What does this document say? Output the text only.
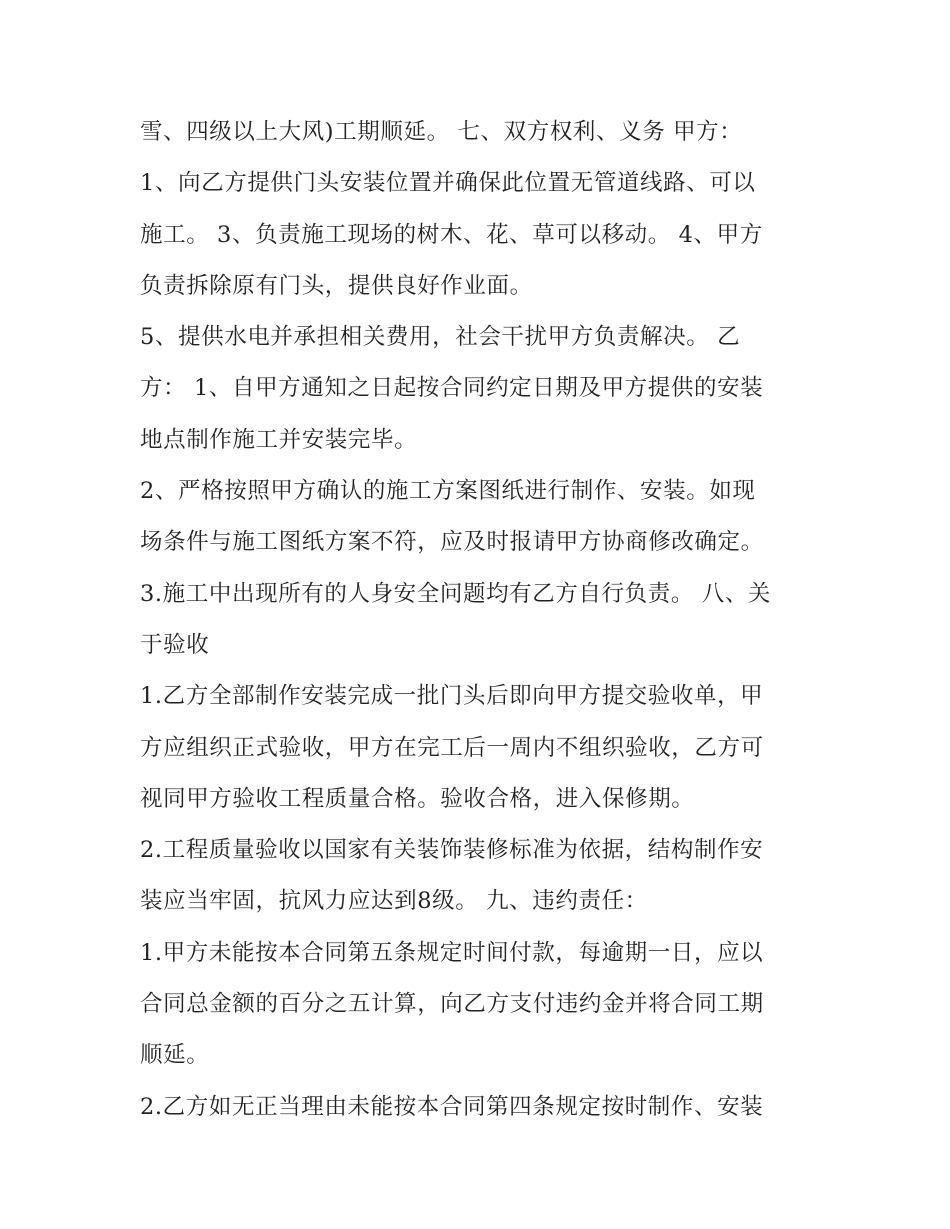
雪、四级以上大风)工期顺延。 七、双方权利、义务 甲方：
1、向乙方提供门头安装位置并确保此位置无管道线路、可以
施工。 3、负责施工现场的树木、花、草可以移动。 4、甲方
负责拆除原有门头，提供良好作业面。
5、提供水电并承担相关费用，社会干扰甲方负责解决。 乙
方： 1、自甲方通知之日起按合同约定日期及甲方提供的安装
地点制作施工并安装完毕。
2、严格按照甲方确认的施工方案图纸进行制作、安装。如现
场条件与施工图纸方案不符，应及时报请甲方协商修改确定。
3.施工中出现所有的人身安全问题均有乙方自行负责。 八、关
于验收
1.乙方全部制作安装完成一批门头后即向甲方提交验收单，甲
方应组织正式验收，甲方在完工后一周内不组织验收，乙方可
视同甲方验收工程质量合格。验收合格，进入保修期。
2.工程质量验收以国家有关装饰装修标准为依据，结构制作安
装应当牢固，抗风力应达到8级。 九、违约责任：
1.甲方未能按本合同第五条规定时间付款，每逾期一日，应以
合同总金额的百分之五计算，向乙方支付违约金并将合同工期
顺延。
2.乙方如无正当理由未能按本合同第四条规定按时制作、安装
